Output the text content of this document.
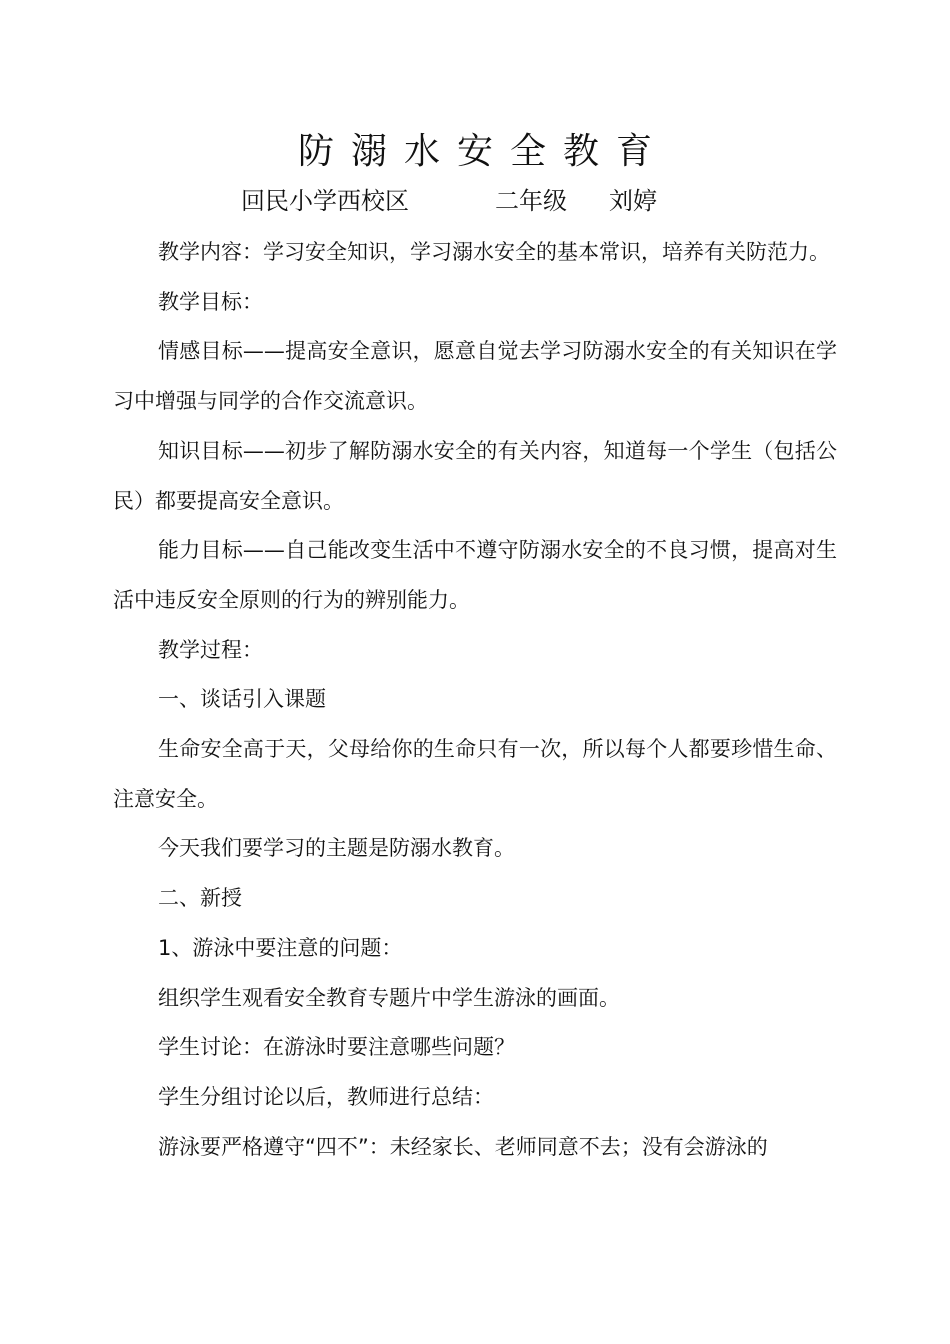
防溺水安全教育
回民小学西校区	二年级 刘婷

教学内容：学习安全知识，学习溺水安全的基本常识，培养有关防范力。

教学目标：

情感目标——提高安全意识，愿意自觉去学习防溺水安全的有关知识在学习中增强与同学的合作交流意识。

知识目标——初步了解防溺水安全的有关内容，知道每一个学生（包括公民）都要提高安全意识。

能力目标——自己能改变生活中不遵守防溺水安全的不良习惯，提高对生活中违反安全原则的行为的辨别能力。

教学过程：

一、谈话引入课题

生命安全高于天，父母给你的生命只有一次，所以每个人都要珍惜生命、注意安全。

今天我们要学习的主题是防溺水教育。

二、新授

1、游泳中要注意的问题：

组织学生观看安全教育专题片中学生游泳的画面。

学生讨论：在游泳时要注意哪些问题？

学生分组讨论以后，教师进行总结：

游泳要严格遵守“四不”：未经家长、老师同意不去；没有会游泳的
